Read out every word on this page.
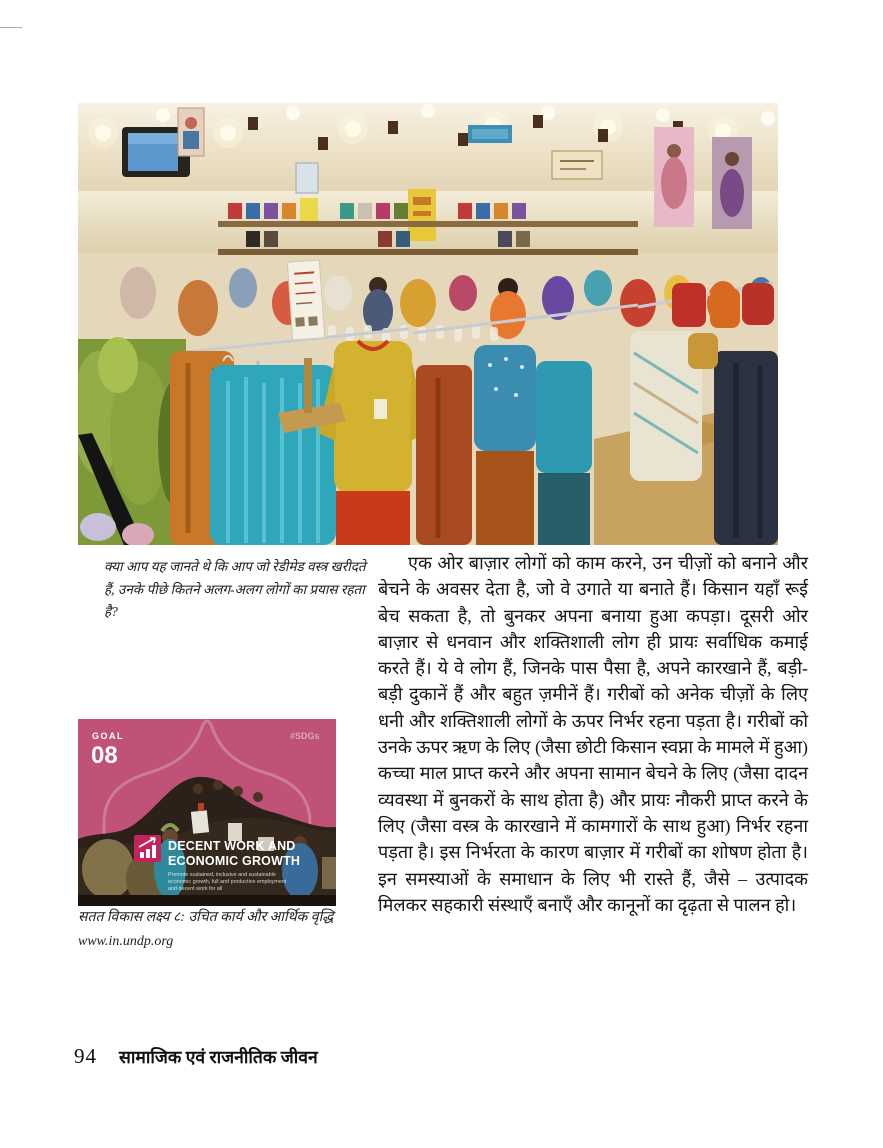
क्या आप यह जानते थे कि आप जो रेडीमेड वस्त्र खरीदते हैं, उनके पीछे कितने अलग-अलग लोगों का प्रयास रहता है?
एक ओर बाज़ार लोगों को काम करने, उन चीज़ों को बनाने और बेचने के अवसर देता है, जो वे उगाते या बनाते हैं। किसान यहाँ रूई बेच सकता है, तो बुनकर अपना बनाया हुआ कपड़ा। दूसरी ओर बाज़ार से धनवान और शक्तिशाली लोग ही प्रायः सर्वाधिक कमाई करते हैं। ये वे लोग हैं, जिनके पास पैसा है, अपने कारखाने हैं, बड़ी-बड़ी दुकानें हैं और बहुत ज़मीनें हैं। गरीबों को अनेक चीज़ों के लिए धनी और शक्तिशाली लोगों के ऊपर निर्भर रहना पड़ता है। गरीबों को उनके ऊपर ऋण के लिए (जैसा छोटी किसान स्वप्ना के मामले में हुआ) कच्चा माल प्राप्त करने और अपना सामान बेचने के लिए (जैसा दादन व्यवस्था में बुनकरों के साथ होता है) और प्रायः नौकरी प्राप्त करने के लिए (जैसा वस्त्र के कारखाने में कामगारों के साथ हुआ) निर्भर रहना पड़ता है। इस निर्भरता के कारण बाज़ार में गरीबों का शोषण होता है। इन समस्याओं के समाधान के लिए भी रास्ते हैं, जैसे – उत्पादक मिलकर सहकारी संस्थाएँ बनाएँ और कानूनों का दृढ़ता से पालन हो।
GOAL
08
#SDGs
DECENT WORK AND
ECONOMIC GROWTH
Promote sustained, inclusive and sustainable
economic growth, full and productive employment
and decent work for all
सतत विकास लक्ष्य ८: उचित कार्य और आर्थिक वृद्धि
www.in.undp.org
94 सामाजिक एवं राजनीतिक जीवन
